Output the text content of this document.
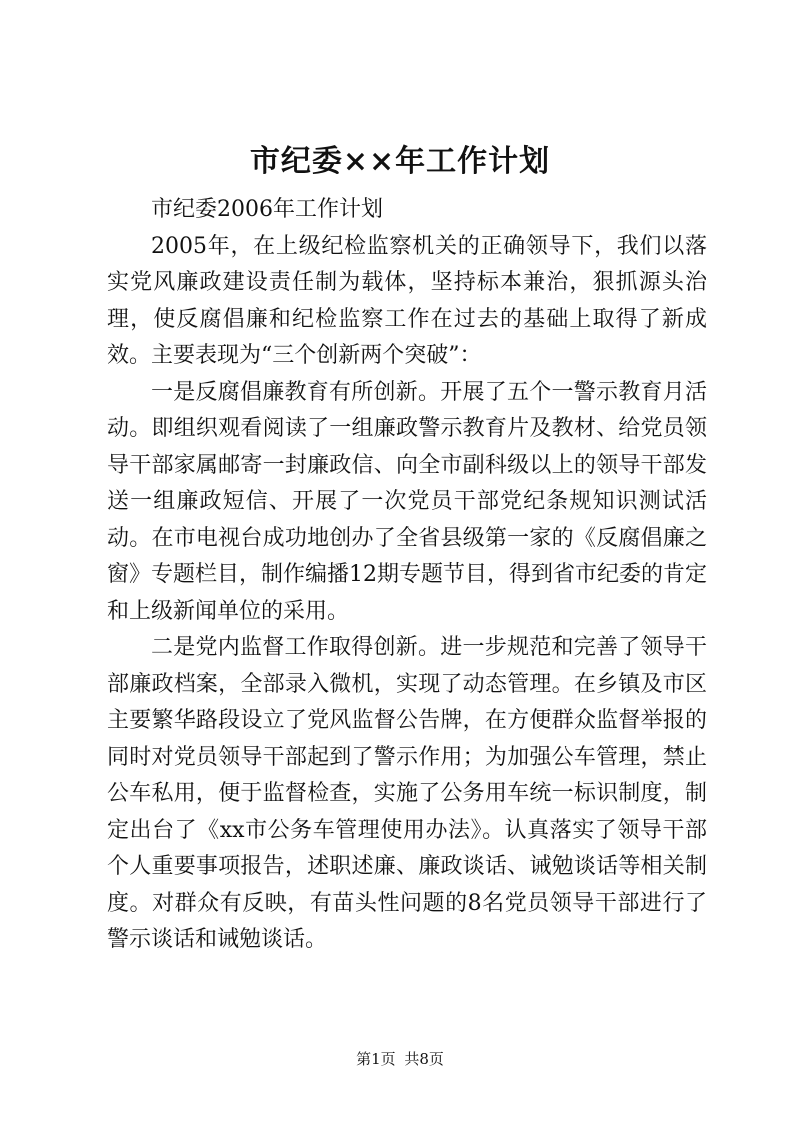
市纪委××年工作计划

市纪委2006年工作计划

2005年，在上级纪检监察机关的正确领导下，我们以落实党风廉政建设责任制为载体，坚持标本兼治，狠抓源头治理，使反腐倡廉和纪检监察工作在过去的基础上取得了新成效。主要表现为“三个创新两个突破”：

一是反腐倡廉教育有所创新。开展了五个一警示教育月活动。即组织观看阅读了一组廉政警示教育片及教材、给党员领导干部家属邮寄一封廉政信、向全市副科级以上的领导干部发送一组廉政短信、开展了一次党员干部党纪条规知识测试活动。在市电视台成功地创办了全省县级第一家的《反腐倡廉之窗》专题栏目，制作编播12期专题节目，得到省市纪委的肯定和上级新闻单位的采用。

二是党内监督工作取得创新。进一步规范和完善了领导干部廉政档案，全部录入微机，实现了动态管理。在乡镇及市区主要繁华路段设立了党风监督公告牌，在方便群众监督举报的同时对党员领导干部起到了警示作用；为加强公车管理，禁止公车私用，便于监督检查，实施了公务用车统一标识制度，制定出台了《xx市公务车管理使用办法》。认真落实了领导干部个人重要事项报告，述职述廉、廉政谈话、诫勉谈话等相关制度。对群众有反映，有苗头性问题的8名党员领导干部进行了警示谈话和诫勉谈话。

第1页 共8页
